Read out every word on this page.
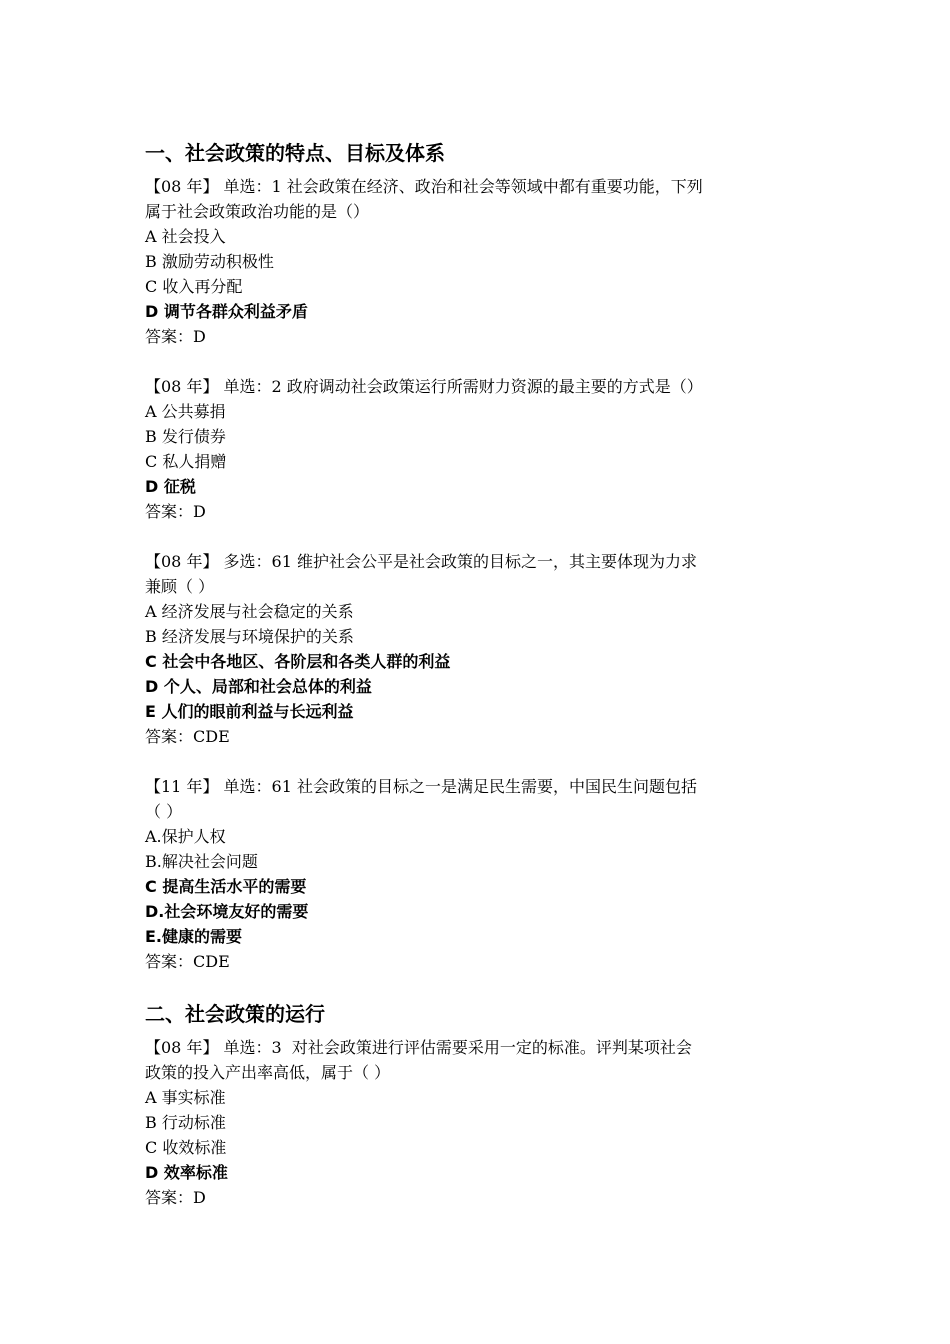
一、社会政策的特点、目标及体系
【08 年】 单选：1 社会政策在经济、政治和社会等领域中都有重要功能，下列
属于社会政策政治功能的是（）
A 社会投入
B 激励劳动积极性
C 收入再分配
D 调节各群众利益矛盾
答案：D
【08 年】 单选：2 政府调动社会政策运行所需财力资源的最主要的方式是（）
A 公共募捐
B 发行债券
C 私人捐赠
D 征税
答案：D
【08 年】 多选：61 维护社会公平是社会政策的目标之一，其主要体现为力求
兼顾（ ）
A 经济发展与社会稳定的关系
B 经济发展与环境保护的关系
C 社会中各地区、各阶层和各类人群的利益
D 个人、局部和社会总体的利益
E 人们的眼前利益与长远利益
答案：CDE
【11 年】 单选：61 社会政策的目标之一是满足民生需要，中国民生问题包括
（ ）
A.保护人权
B.解决社会问题
C 提高生活水平的需要
D.社会环境友好的需要
E.健康的需要
答案：CDE
二、社会政策的运行
【08 年】 单选：3  对社会政策进行评估需要采用一定的标准。评判某项社会
政策的投入产出率高低，属于（ ）
A 事实标准
B 行动标准
C 收效标准
D 效率标准
答案：D
